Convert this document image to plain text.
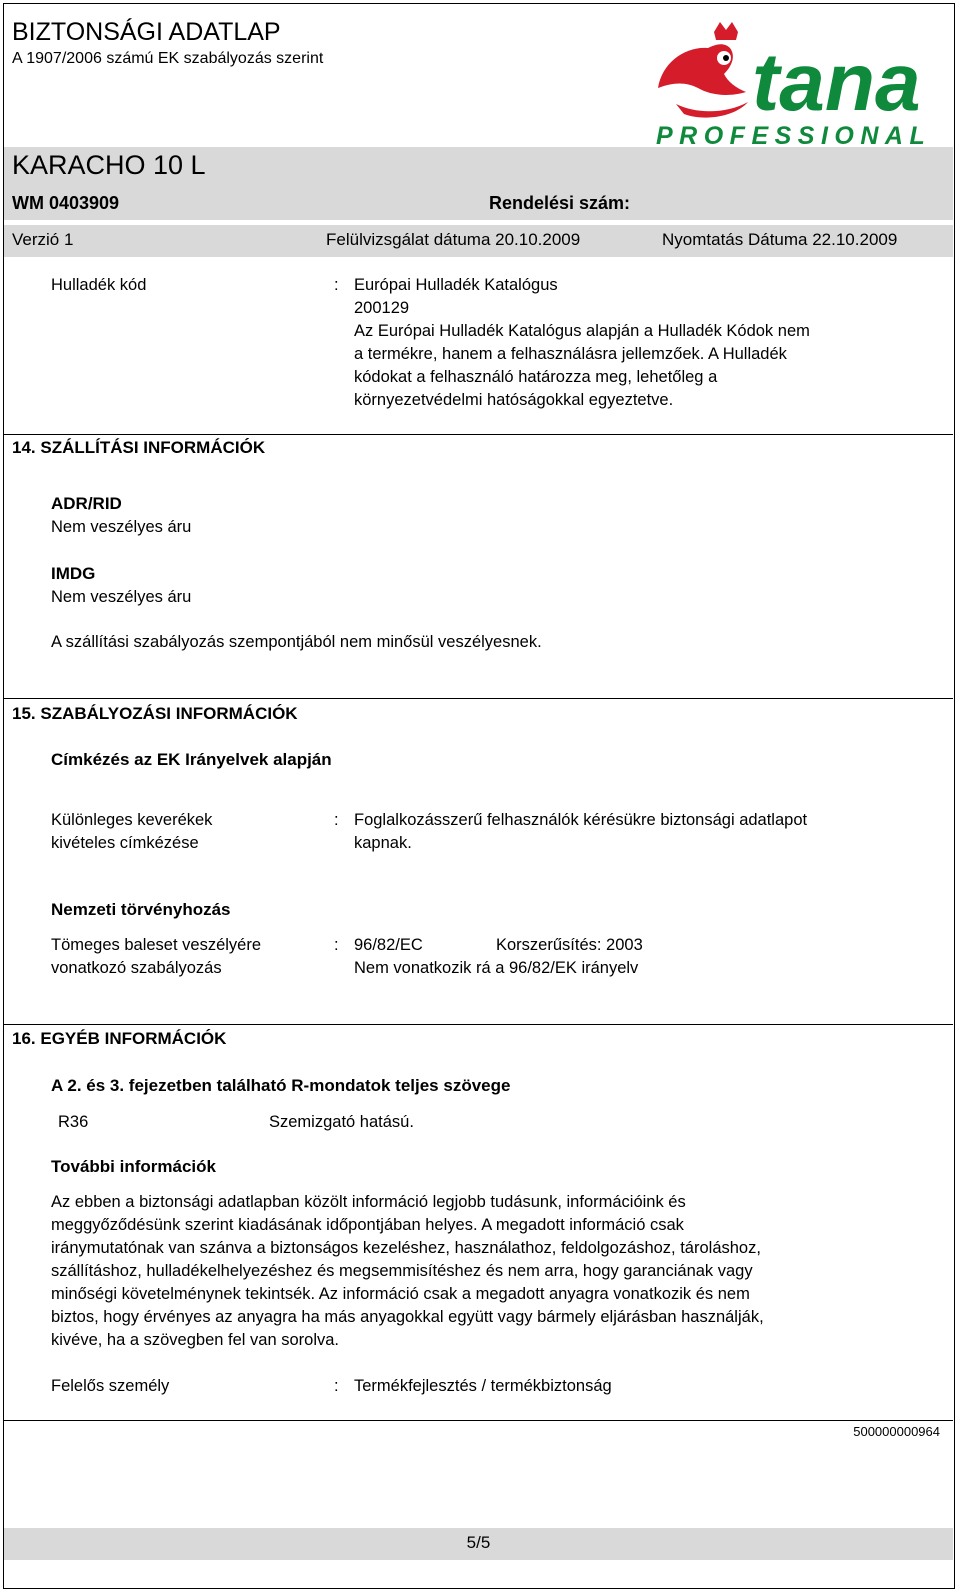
BIZTONSÁGI ADATLAP
A 1907/2006 számú EK szabályozás szerint	tana
PROFESSIONAL
KARACHO 10 L
WM 0403909	Rendelési szám:
Verzió 1	Felülvizsgálat dátuma 20.10.2009	Nyomtatás Dátuma 22.10.2009
Hulladék kód	: Európai Hulladék Katalógus
200129
Az Európai Hulladék Katalógus alapján a Hulladék Kódok nem
a termékre, hanem a felhasználásra jellemzőek. A Hulladék
kódokat a felhasználó határozza meg, lehetőleg a
környezetvédelmi hatóságokkal egyeztetve.
14. SZÁLLÍTÁSI INFORMÁCIÓK
ADR/RID
Nem veszélyes áru
IMDG
Nem veszélyes áru
A szállítási szabályozás szempontjából nem minősül veszélyesnek.
15. SZABÁLYOZÁSI INFORMÁCIÓK
Címkézés az EK Irányelvek alapján
Különleges keverékek
kivételes címkézése
: Foglalkozásszerű felhasználók kérésükre biztonsági adatlapot
kapnak.
Nemzeti törvényhozás
Tömeges baleset veszélyére
vonatkozó szabályozás
: 96/82/EC	Korszerűsítés: 2003
Nem vonatkozik rá a 96/82/EK irányelv
16. EGYÉB INFORMÁCIÓK
A 2. és 3. fejezetben található R-mondatok teljes szövege
R36	Szemizgató hatású.
További információk
Az ebben a biztonsági adatlapban közölt információ legjobb tudásunk, információink és
meggyőződésünk szerint kiadásának időpontjában helyes. A megadott információ csak
iránymutatónak van szánva a biztonságos kezeléshez, használathoz, feldolgozáshoz, tároláshoz,
szállításhoz, hulladékelhelyezéshez és megsemmisítéshez és nem arra, hogy garanciának vagy
minőségi követelménynek tekintsék. Az információ csak a megadott anyagra vonatkozik és nem
biztos, hogy érvényes az anyagra ha más anyagokkal együtt vagy bármely eljárásban használják,
kivéve, ha a szövegben fel van sorolva.
Felelős személy	: Termékfejlesztés / termékbiztonság
500000000964
5/5
